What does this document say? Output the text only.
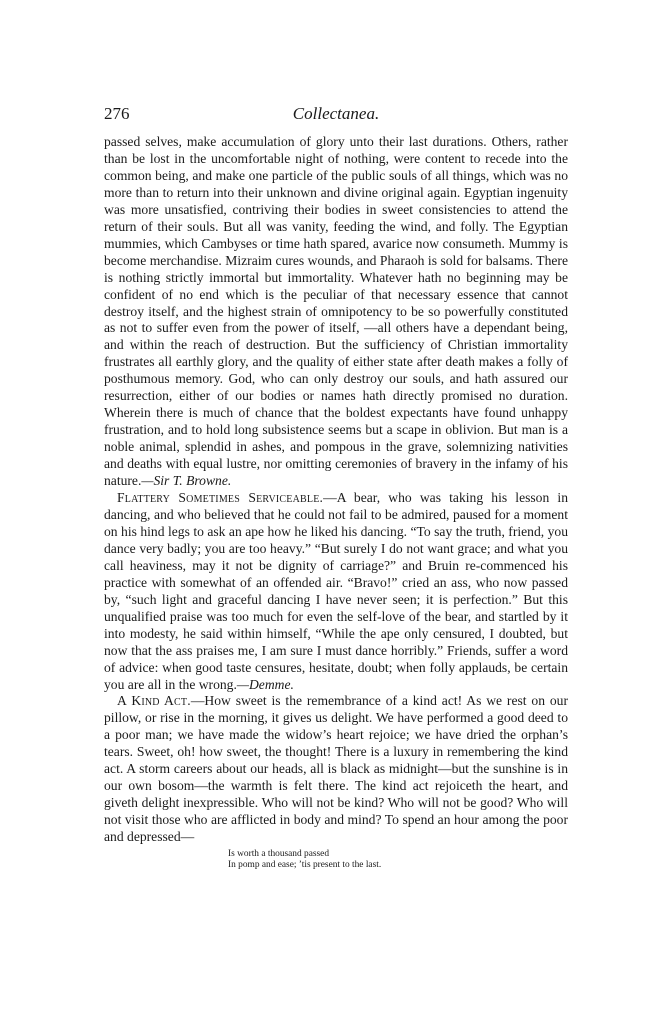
276	Collectanea.

passed selves, make accumulation of glory unto their last durations. Others, rather than be lost in the uncomfortable night of nothing, were content to recede into the common being, and make one particle of the public souls of all things, which was no more than to return into their unknown and divine original again. Egyptian ingenuity was more unsatisfied, contriving their bodies in sweet consistencies to attend the return of their souls. But all was vanity, feeding the wind, and folly. The Egyptian mummies, which Cambyses or time hath spared, avarice now consumeth. Mummy is become merchandise. Mizraim cures wounds, and Pharaoh is sold for balsams. There is nothing strictly immortal but immortality. Whatever hath no beginning may be confident of no end which is the peculiar of that necessary essence that cannot destroy itself, and the highest strain of omnipotency to be so powerfully constituted as not to suffer even from the power of itself, —all others have a dependant being, and within the reach of destruction. But the sufficiency of Christian immortality frustrates all earthly glory, and the quality of either state after death makes a folly of posthumous memory. God, who can only destroy our souls, and hath assured our resurrection, either of our bodies or names hath directly promised no duration. Wherein there is much of chance that the boldest expectants have found unhappy frustration, and to hold long subsistence seems but a scape in oblivion. But man is a noble animal, splendid in ashes, and pompous in the grave, solemnizing nativities and deaths with equal lustre, nor omitting ceremonies of bravery in the infamy of his nature.—Sir T. Browne.

Flattery Sometimes Serviceable.—A bear, who was taking his lesson in dancing, and who believed that he could not fail to be admired, paused for a moment on his hind legs to ask an ape how he liked his dancing. “To say the truth, friend, you dance very badly; you are too heavy.” “But surely I do not want grace; and what you call heaviness, may it not be dignity of carriage?” and Bruin re-commenced his practice with somewhat of an offended air. “Bravo!” cried an ass, who now passed by, “such light and graceful dancing I have never seen; it is perfection.” But this unqualified praise was too much for even the self-love of the bear, and startled by it into modesty, he said within himself, “While the ape only censured, I doubted, but now that the ass praises me, I am sure I must dance horribly.” Friends, suffer a word of advice: when good taste censures, hesitate, doubt; when folly applauds, be certain you are all in the wrong.—Demme.

A Kind Act.—How sweet is the remembrance of a kind act! As we rest on our pillow, or rise in the morning, it gives us delight. We have performed a good deed to a poor man; we have made the widow’s heart rejoice; we have dried the orphan’s tears. Sweet, oh! how sweet, the thought! There is a luxury in remembering the kind act. A storm careers about our heads, all is black as midnight—but the sunshine is in our own bosom—the warmth is felt there. The kind act rejoiceth the heart, and giveth delight inexpressible. Who will not be kind? Who will not be good? Who will not visit those who are afflicted in body and mind? To spend an hour among the poor and depressed—

Is worth a thousand passed
In pomp and ease; ’tis present to the last.
